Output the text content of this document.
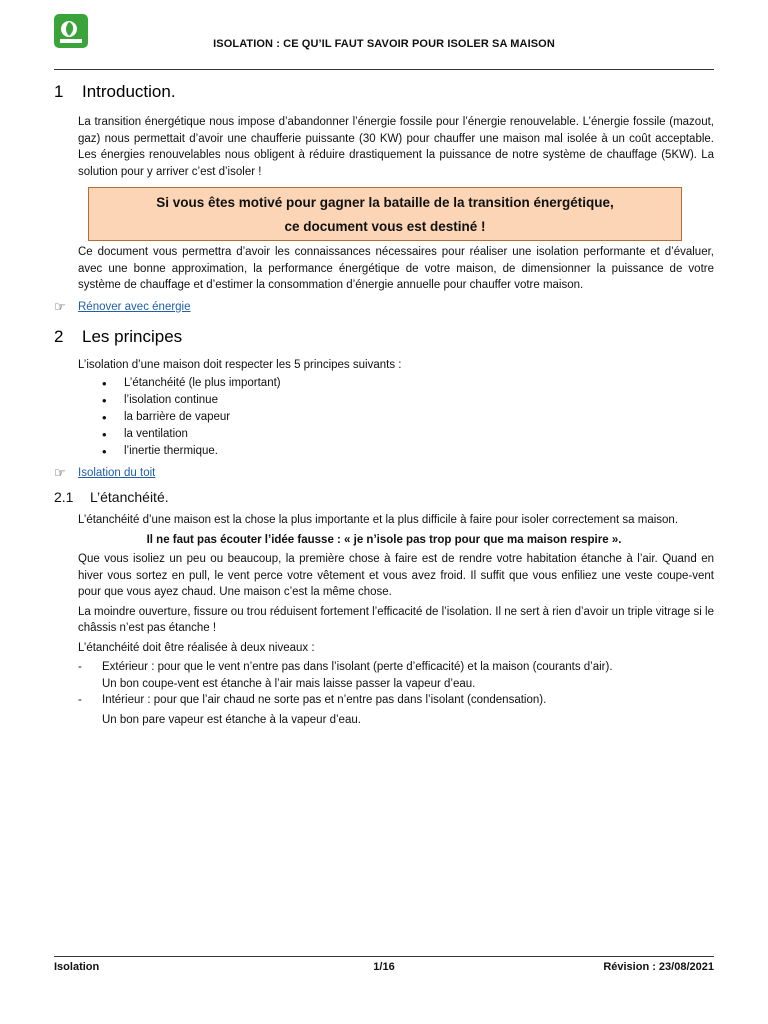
ISOLATION : CE QU’IL FAUT SAVOIR POUR ISOLER SA MAISON
1	Introduction.

La transition énergétique nous impose d’abandonner l’énergie fossile pour l’énergie renouvelable. L’énergie fossile (mazout, gaz) nous permettait d’avoir une chaufferie puissante (30 KW) pour chauffer une maison mal isolée à un coût acceptable. Les énergies renouvelables nous obligent à réduire drastiquement la puissance de notre système de chauffage (5KW). La solution pour y arriver c’est d’isoler !

Si vous êtes motivé pour gagner la bataille de la transition énergétique,
ce document vous est destiné !

Ce document vous permettra d’avoir les connaissances nécessaires pour réaliser une isolation performante et d’évaluer, avec une bonne approximation, la performance énergétique de votre maison, de dimensionner la puissance de votre système de chauffage et d’estimer la consommation d’énergie annuelle pour chauffer votre maison.

☞	Rénover avec énergie
2	Les principes

L’isolation d’une maison doit respecter les 5 principes suivants :

• L’étanchéité (le plus important)
• l’isolation continue
• la barrière de vapeur
• la ventilation
• l’inertie thermique.
☞	Isolation du toit
2.1	L’étanchéité.

L’étanchéité d’une maison est la chose la plus importante et la plus difficile à faire pour isoler correctement sa maison.

Il ne faut pas écouter l’idée fausse : « je n’isole pas trop pour que ma maison respire ».

Que vous isoliez un peu ou beaucoup, la première chose à faire est de rendre votre habitation étanche à l’air. Quand en hiver vous sortez en pull, le vent perce votre vêtement et vous avez froid. Il suffit que vous enfiliez une veste coupe-vent pour que vous ayez chaud. Une maison c’est la même chose.

La moindre ouverture, fissure ou trou réduisent fortement l’efficacité de l’isolation. Il ne sert à rien d’avoir un triple vitrage si le châssis n’est pas étanche !

L’étanchéité doit être réalisée à deux niveaux :

-	Extérieur : pour que le vent n’entre pas dans l’isolant (perte d’efficacité) et la maison (courants d’air).
Un bon coupe-vent est étanche à l’air mais laisse passer la vapeur d’eau.
-	Intérieur : pour que l’air chaud ne sorte pas et n’entre pas dans l’isolant (condensation).
Un bon pare vapeur est étanche à la vapeur d’eau.
Isolation	1/16	Révision : 23/08/2021
